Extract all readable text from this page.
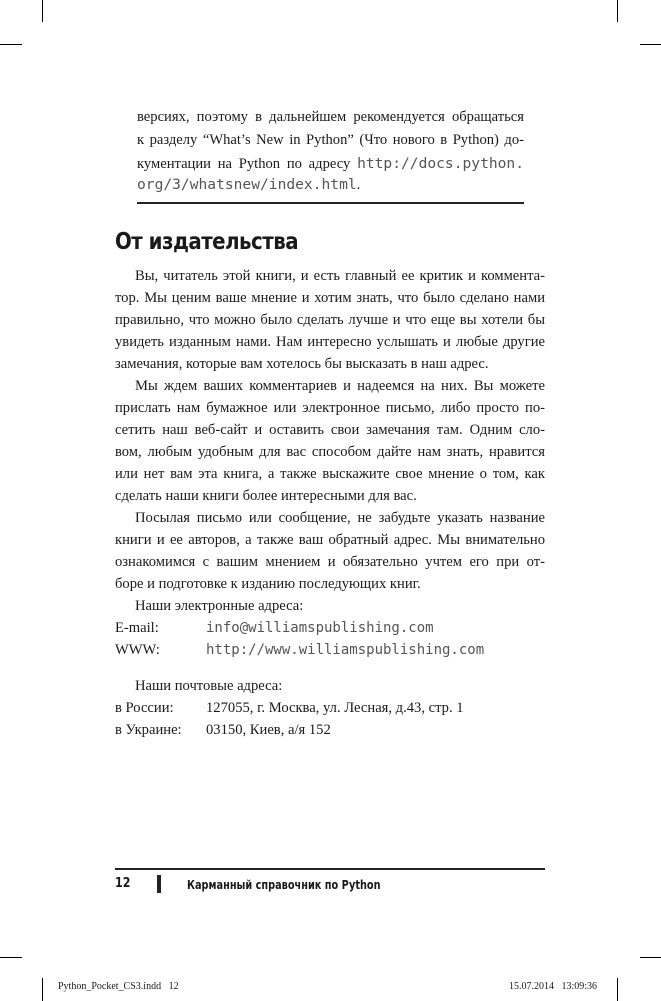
версиях, поэтому в дальнейшем рекомендуется обращаться
к разделу “What’s New in Python” (Что нового в Python) до-
кументации на Python по адресу http://docs.python.
org/3/whatsnew/index.html.
От издательства
Вы, читатель этой книги, и есть главный ее критик и коммента-
тор. Мы ценим ваше мнение и хотим знать, что было сделано нами
правильно, что можно было сделать лучше и что еще вы хотели бы
увидеть изданным нами. Нам интересно услышать и любые другие
замечания, которые вам хотелось бы высказать в наш адрес.
Мы ждем ваших комментариев и надеемся на них. Вы можете
прислать нам бумажное или электронное письмо, либо просто по-
сетить наш веб-сайт и оставить свои замечания там. Одним сло-
вом, любым удобным для вас способом дайте нам знать, нравится
или нет вам эта книга, а также выскажите свое мнение о том, как
сделать наши книги более интересными для вас.
Посылая письмо или сообщение, не забудьте указать название
книги и ее авторов, а также ваш обратный адрес. Мы внимательно
ознакомимся с вашим мнением и обязательно учтем его при от-
боре и подготовке к изданию последующих книг.
Наши электронные адреса:
E-mail:	info@williamspublishing.com
WWW:	http://www.williamspublishing.com
Наши почтовые адреса:
в России: 127055, г. Москва, ул. Лесная, д.43, стр. 1
в Украине: 03150, Киев, а/я 152
12	Карманный справочник по Python
Python_Pocket_CS3.indd   12	15.07.2014   13:09:36
